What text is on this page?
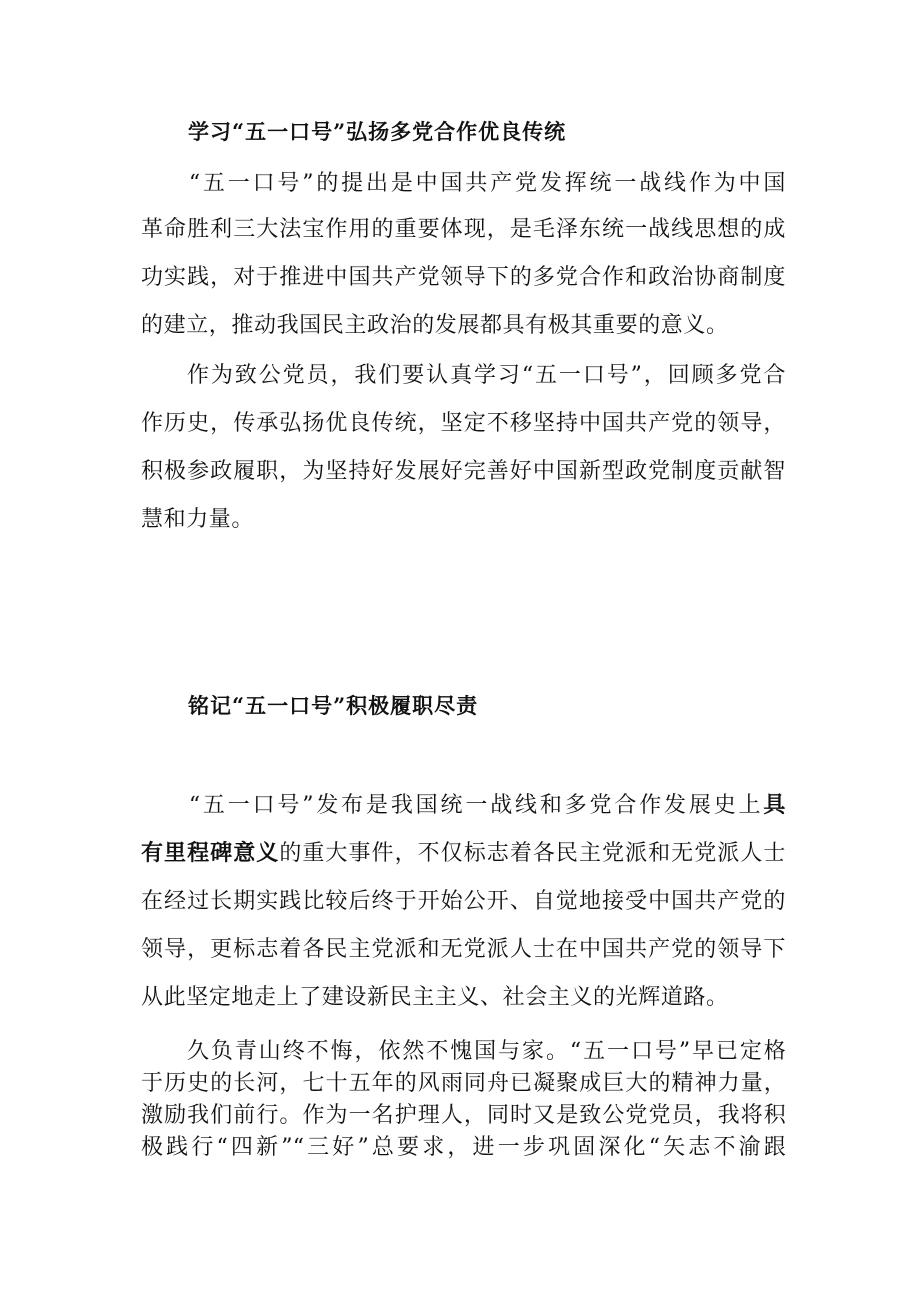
学习“五一口号”弘扬多党合作优良传统
　“五一口号”的提出是中国共产党发挥统一战线作为中国
革命胜利三大法宝作用的重要体现，是毛泽东统一战线思想的成
功实践，对于推进中国共产党领导下的多党合作和政治协商制度
的建立，推动我国民主政治的发展都具有极其重要的意义。
作为致公党员，我们要认真学习“五一口号”，回顾多党合
作历史，传承弘扬优良传统，坚定不移坚持中国共产党的领导，
积极参政履职，为坚持好发展好完善好中国新型政党制度贡献智
慧和力量。
铭记“五一口号”积极履职尽责
　“五一口号”发布是我国统一战线和多党合作发展史上具
有里程碑意义的重大事件，不仅标志着各民主党派和无党派人士
在经过长期实践比较后终于开始公开、自觉地接受中国共产党的
领导，更标志着各民主党派和无党派人士在中国共产党的领导下
从此坚定地走上了建设新民主主义、社会主义的光辉道路。
久负青山终不悔，依然不愧国与家。“五一口号”早已定格
于历史的长河，七十五年的风雨同舟已凝聚成巨大的精神力量，
激励我们前行。作为一名护理人，同时又是致公党党员，我将积
极践行“四新”“三好”总要求，进一步巩固深化“矢志不渝跟
